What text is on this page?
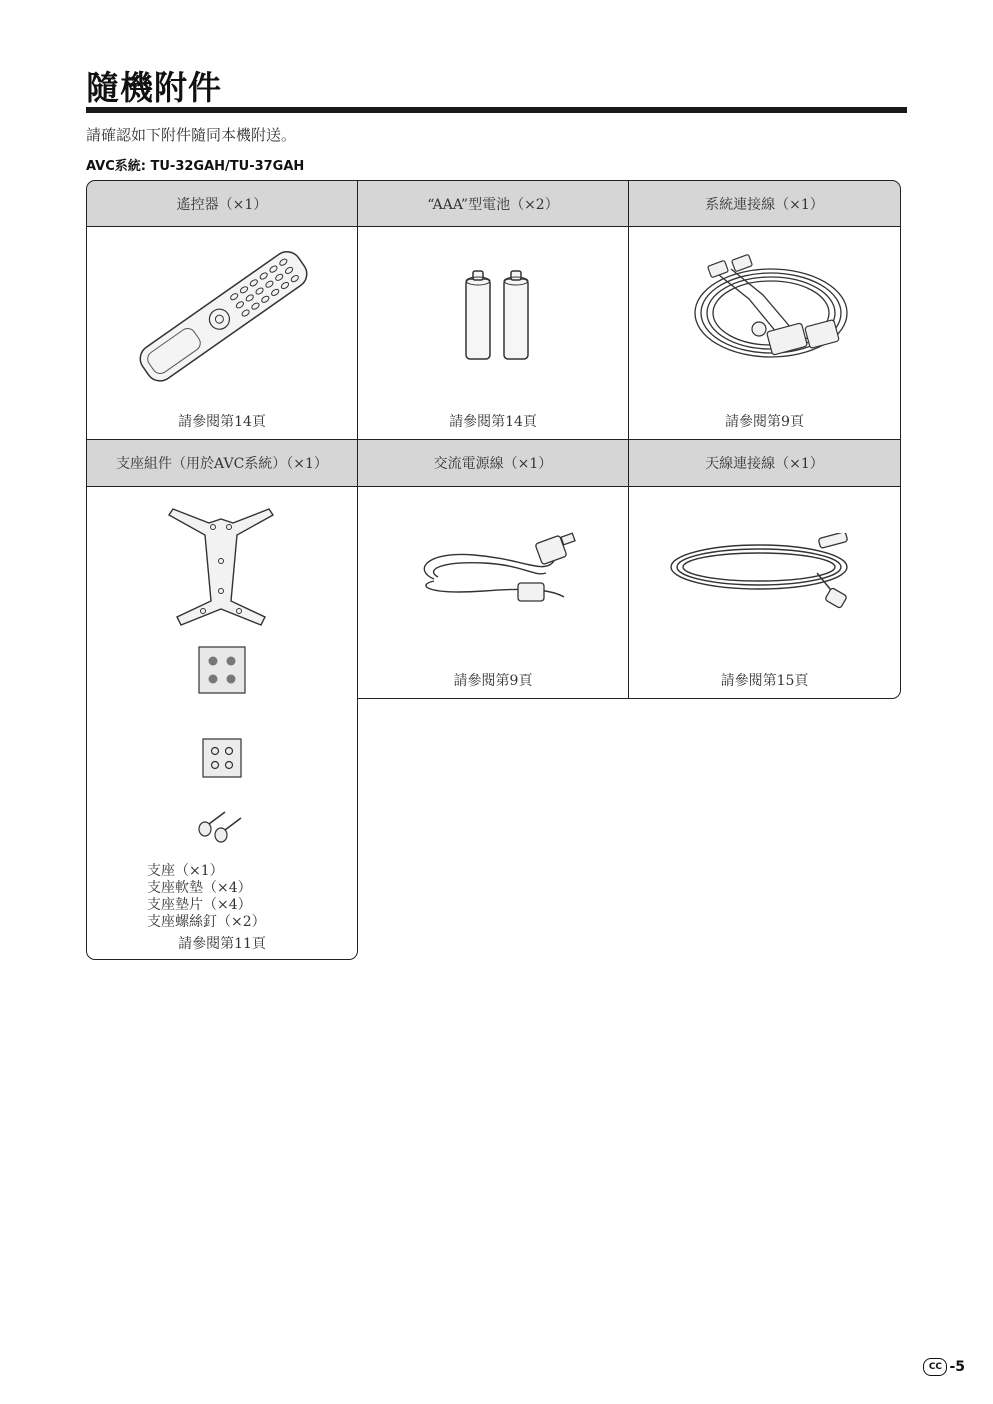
隨機附件
請確認如下附件隨同本機附送。
AVC系統: TU-32GAH/TU-37GAH
遙控器（×1）	“AAA”型電池（×2）	系統連接線（×1）
請參閱第14頁	請參閱第14頁	請參閱第9頁
支座組件（用於AVC系統）（×1）	交流電源線（×1）	天線連接線（×1）
支座（×1）
支座軟墊（×4）
支座墊片（×4）
支座螺絲釘（×2）
請參閱第11頁
請參閱第9頁	請參閱第15頁
CC -5
